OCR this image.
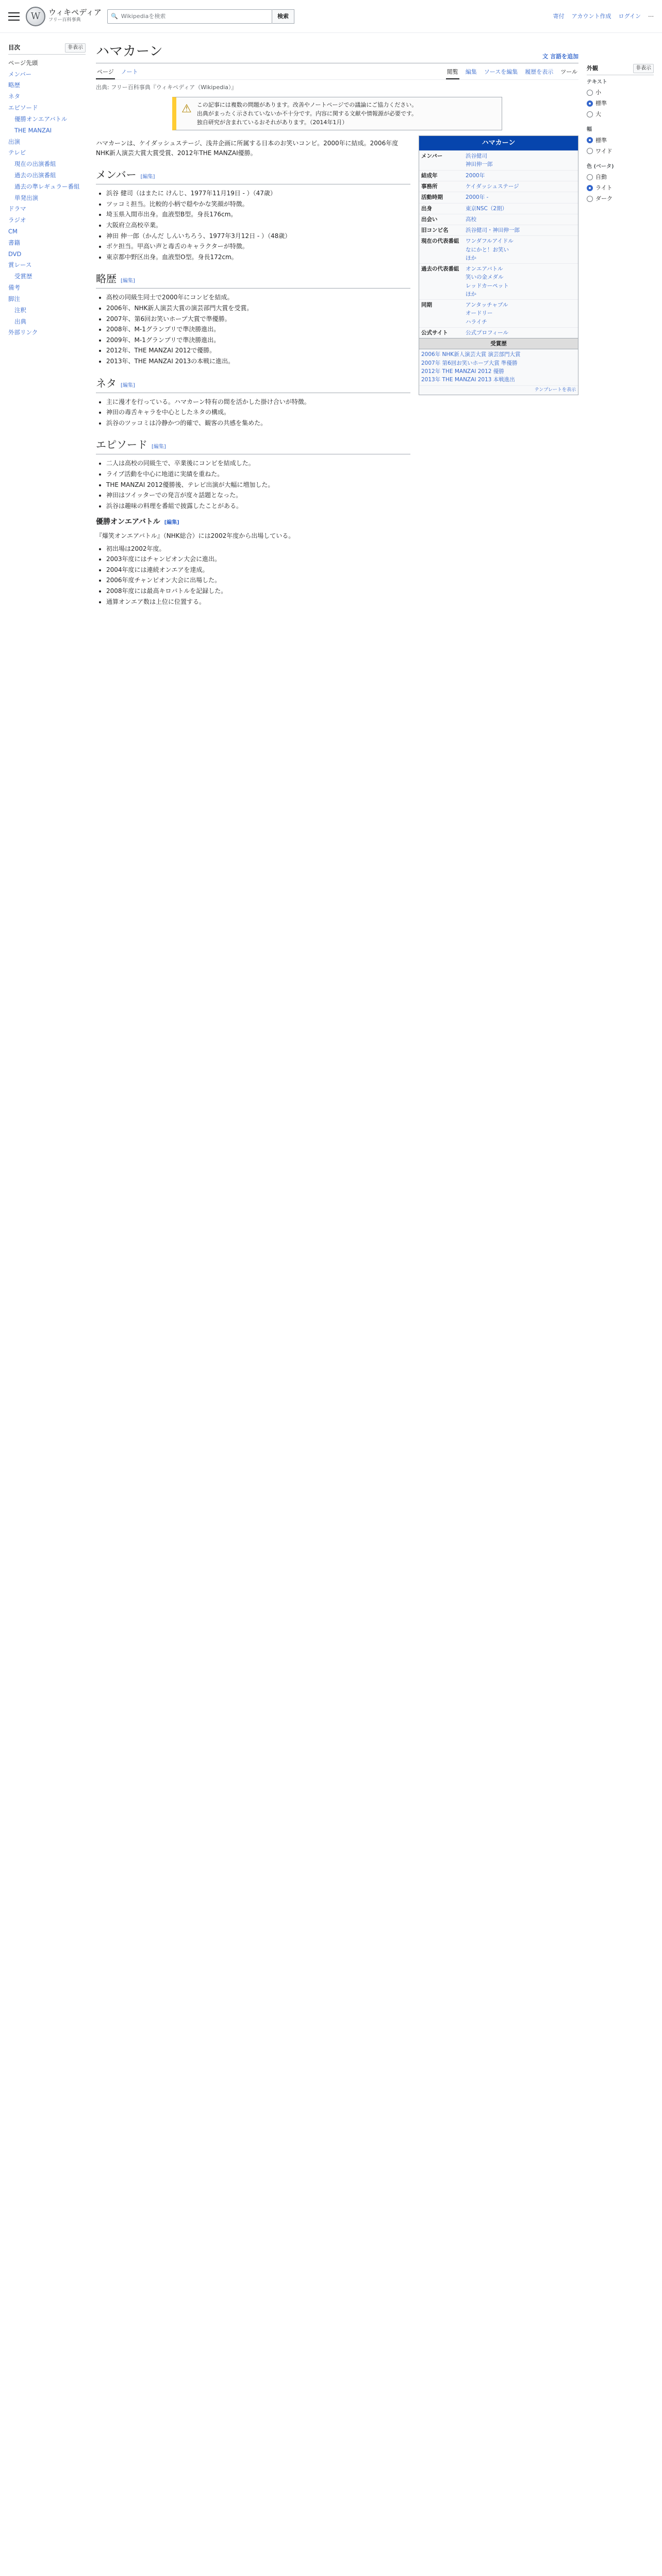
W	ウィキペディア
フリー百科事典
🔍 Wikipediaを検索	検索	寄付 アカウント作成 ログイン ⋯
目次	非表示
ページ先頭
メンバー
略歴
ネタ
エピソード
優勝オンエアバトル
THE MANZAI
出演
テレビ
現在の出演番組
過去の出演番組
過去の準レギュラー番組
単発出演
ドラマ
ラジオ
CM
書籍
DVD
賞レース
受賞歴
備考
脚注
注釈
出典
外部リンク
ハマカーン	文 言語を追加
ページ ノート	閲覧 編集 ソースを編集 履歴を表示 ツール
出典: フリー百科事典『ウィキペディア（Wikipedia）』
⚠ この記事には複数の問題があります。改善やノートページでの議論にご協力ください。
出典がまったく示されていないか不十分です。内容に関する文献や情報源が必要です。
独自研究が含まれているおそれがあります。（2014年1月）

ハマカーンは、ケイダッシュステージ、浅井企画に所属する日本のお笑いコンビ。2000年に結成。2006年度NHK新人演芸大賞大賞受賞、2012年THE MANZAI優勝。

メンバー [編集]
• 浜谷 健司（はまたに けんじ、1977年11月19日 - ）（47歳）
• ツッコミ担当。比較的小柄で穏やかな笑顔が特徴。
• 埼玉県入間市出身。血液型B型。身長176cm。
• 大阪府立高校卒業。
• 神田 伸一郎（かんだ しんいちろう、1977年3月12日 - ）（48歳）
• ボケ担当。甲高い声と毒舌のキャラクターが特徴。
• 東京都中野区出身。血液型O型。身長172cm。
略歴 [編集]
• 高校の同級生同士で2000年にコンビを結成。
• 2006年、NHK新人演芸大賞の演芸部門大賞を受賞。
• 2007年、第6回お笑いホープ大賞で準優勝。
• 2008年、M-1グランプリで準決勝進出。
• 2009年、M-1グランプリで準決勝進出。
• 2012年、THE MANZAI 2012で優勝。
• 2013年、THE MANZAI 2013の本戦に進出。
ネタ [編集]
• 主に漫才を行っている。ハマカーン特有の間を活かした掛け合いが特徴。
• 神田の毒舌キャラを中心としたネタの構成。
• 浜谷のツッコミは冷静かつ的確で、観客の共感を集めた。
エピソード [編集]
• 二人は高校の同級生で、卒業後にコンビを結成した。
• ライブ活動を中心に地道に実績を重ねた。
• THE MANZAI 2012優勝後、テレビ出演が大幅に増加した。
• 神田はツイッターでの発言が度々話題となった。
• 浜谷は趣味の料理を番組で披露したことがある。
優勝オンエアバトル [編集]

『爆笑オンエアバトル』（NHK総合）には2002年度から出場している。

• 初出場は2002年度。
• 2003年度にはチャンピオン大会に進出。
• 2004年度には連続オンエアを達成。
• 2006年度チャンピオン大会に出場した。
• 2008年度には最高キロバトルを記録した。
• 通算オンエア数は上位に位置する。
ハマカーン
メンバー	浜谷健司
神田伸一郎
結成年	2000年
事務所	ケイダッシュステージ
活動時期	2000年 -
出身	東京NSC（2期）
出会い	高校
旧コンビ名	浜谷健司・神田伸一郎
現在の代表番組	ワンダフルアイドル
なにかと！お笑い
ほか
過去の代表番組	オンエアバトル
笑いの金メダル
レッドカーペット
ほか
同期	アンタッチャブル
オードリー
ハライチ
公式サイト	公式プロフィール
受賞歴
2006年 NHK新人演芸大賞 演芸部門大賞
2007年 第6回お笑いホープ大賞 準優勝
2012年 THE MANZAI 2012 優勝
2013年 THE MANZAI 2013 本戦進出
テンプレートを表示
外観	非表示
テキスト
小
標準
大
幅
標準
ワイド
色 (ベータ)
自動
ライト
ダーク
